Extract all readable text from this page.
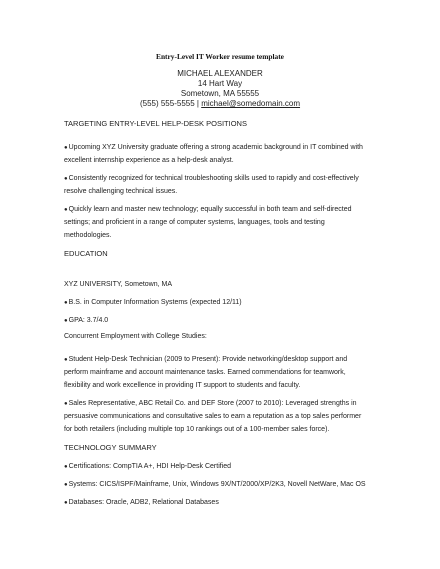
Entry-Level IT Worker resume template
MICHAEL ALEXANDER
14 Hart Way
Sometown, MA 55555
(555) 555-5555 | michael@somedomain.com
TARGETING ENTRY-LEVEL HELP-DESK POSITIONS
●Upcoming XYZ University graduate offering a strong academic background in IT combined with
excellent internship experience as a help-desk analyst.
●Consistently recognized for technical troubleshooting skills used to rapidly and cost-effectively
resolve challenging technical issues.
●Quickly learn and master new technology; equally successful in both team and self-directed
settings; and proficient in a range of computer systems, languages, tools and testing
methodologies.
EDUCATION
XYZ UNIVERSITY, Sometown, MA
●B.S. in Computer Information Systems (expected 12/11)
●GPA: 3.7/4.0
Concurrent Employment with College Studies:
●Student Help-Desk Technician (2009 to Present): Provide networking/desktop support and
perform mainframe and account maintenance tasks. Earned commendations for teamwork,
flexibility and work excellence in providing IT support to students and faculty.
●Sales Representative, ABC Retail Co. and DEF Store (2007 to 2010): Leveraged strengths in
persuasive communications and consultative sales to earn a reputation as a top sales performer
for both retailers (including multiple top 10 rankings out of a 100-member sales force).
TECHNOLOGY SUMMARY
●Certifications: CompTIA A+, HDI Help-Desk Certified
●Systems: CICS/ISPF/Mainframe, Unix, Windows 9X/NT/2000/XP/2K3, Novell NetWare, Mac OS
●Databases: Oracle, ADB2, Relational Databases
